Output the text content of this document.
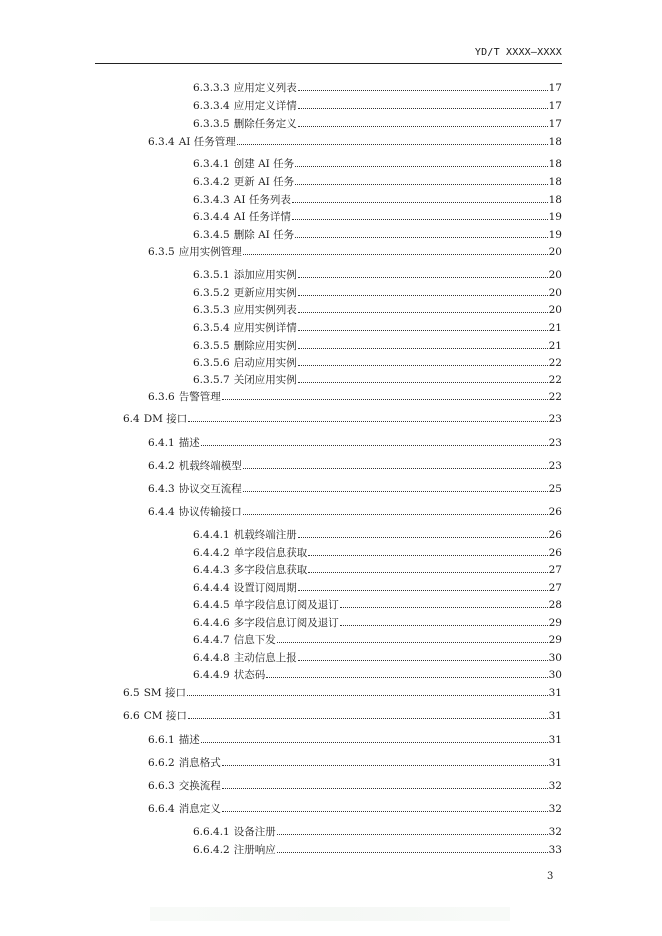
YD/T XXXX—XXXX
6.3.3.3 应用定义列表	17
6.3.3.4 应用定义详情	17
6.3.3.5 删除任务定义	17
6.3.4 AI 任务管理	18
6.3.4.1 创建 AI 任务	18
6.3.4.2 更新 AI 任务	18
6.3.4.3 AI 任务列表	18
6.3.4.4 AI 任务详情	19
6.3.4.5 删除 AI 任务	19
6.3.5 应用实例管理	20
6.3.5.1 添加应用实例	20
6.3.5.2 更新应用实例	20
6.3.5.3 应用实例列表	20
6.3.5.4 应用实例详情	21
6.3.5.5 删除应用实例	21
6.3.5.6 启动应用实例	22
6.3.5.7 关闭应用实例	22
6.3.6 告警管理	22
6.4 DM 接口	23
6.4.1 描述	23
6.4.2 机载终端模型	23
6.4.3 协议交互流程	25
6.4.4 协议传输接口	26
6.4.4.1 机载终端注册	26
6.4.4.2 单字段信息获取	26
6.4.4.3 多字段信息获取	27
6.4.4.4 设置订阅周期	27
6.4.4.5 单字段信息订阅及退订	28
6.4.4.6 多字段信息订阅及退订	29
6.4.4.7 信息下发	29
6.4.4.8 主动信息上报	30
6.4.4.9 状态码	30
6.5 SM 接口	31
6.6 CM 接口	31
6.6.1 描述	31
6.6.2 消息格式	31
6.6.3 交换流程	32
6.6.4 消息定义	32
6.6.4.1 设备注册	32
6.6.4.2 注册响应	33
3
